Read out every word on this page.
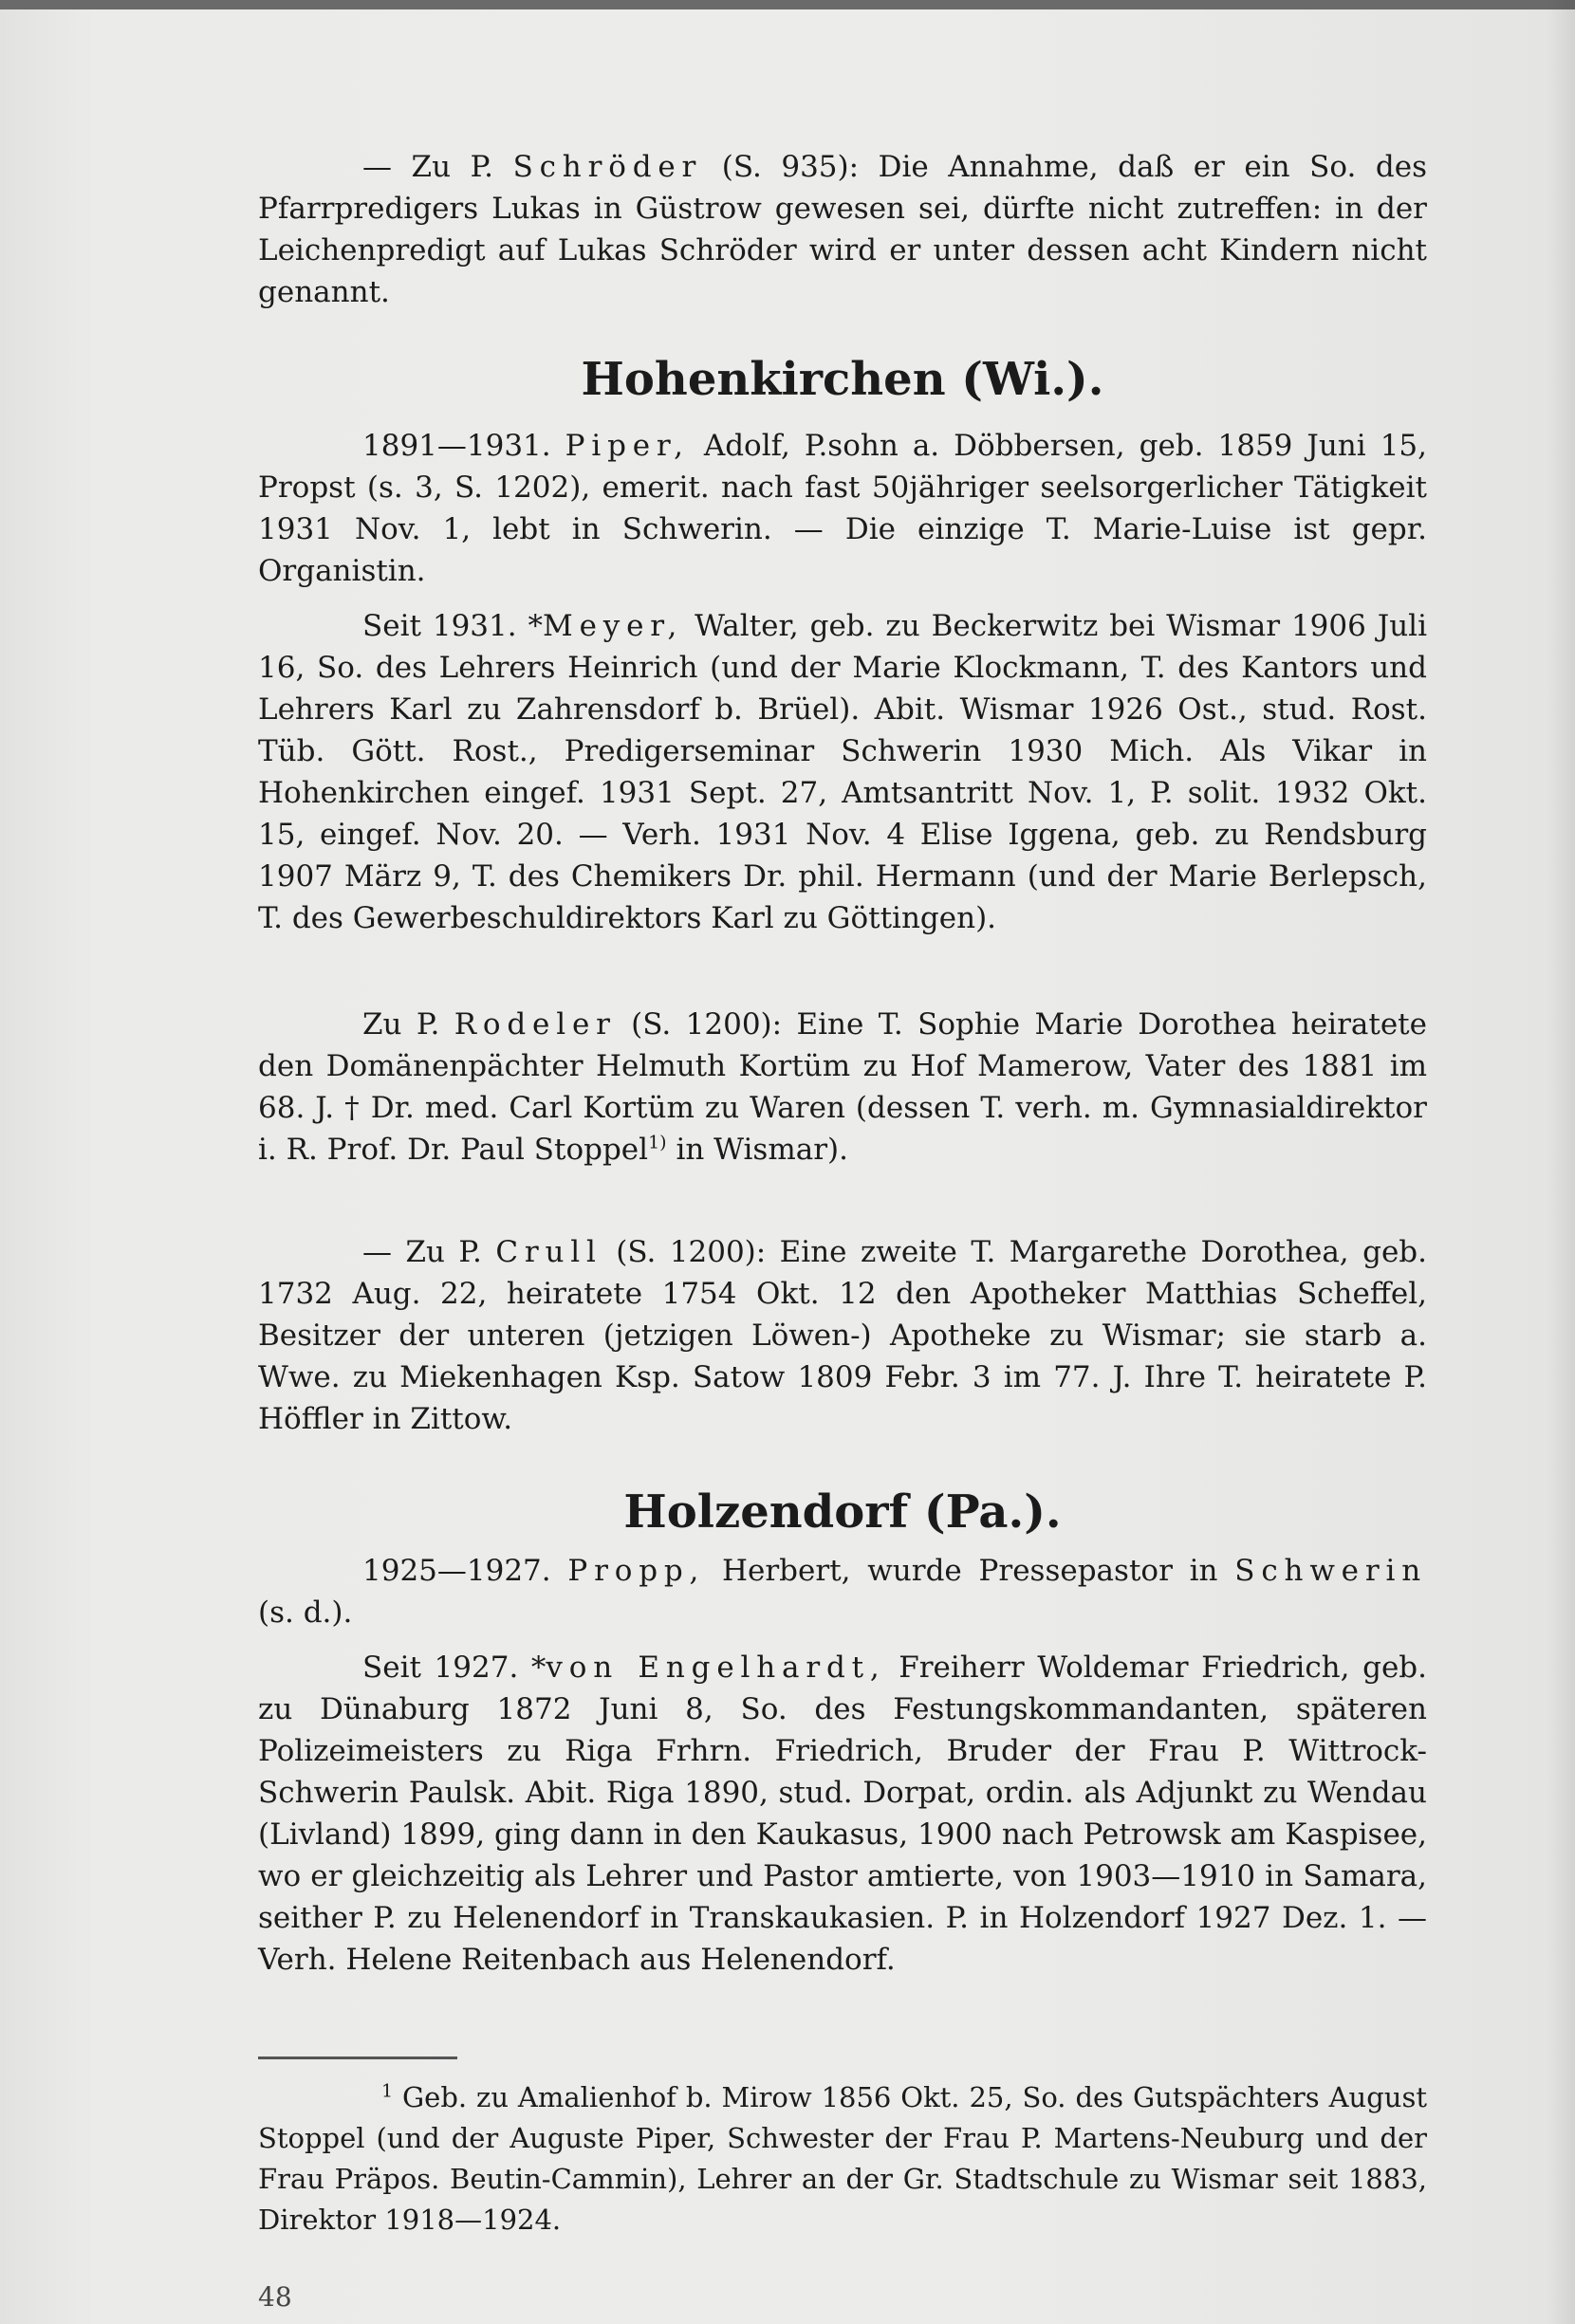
— Zu P. Schröder (S. 935): Die Annahme, daß er ein So. des Pfarrpredigers Lukas in Güstrow gewesen sei, dürfte nicht zutreffen: in der Leichenpredigt auf Lukas Schröder wird er unter dessen acht Kindern nicht genannt.

Hohenkirchen (Wi.).

1891—1931. Piper, Adolf, P.sohn a. Döbbersen, geb. 1859 Juni 15, Propst (s. 3, S. 1202), emerit. nach fast 50jähriger seelsorgerlicher Tätigkeit 1931 Nov. 1, lebt in Schwerin. — Die einzige T. Marie-Luise ist gepr. Organistin.

Seit 1931. *Meyer, Walter, geb. zu Beckerwitz bei Wismar 1906 Juli 16, So. des Lehrers Heinrich (und der Marie Klockmann, T. des Kantors und Lehrers Karl zu Zahrensdorf b. Brüel). Abit. Wismar 1926 Ost., stud. Rost. Tüb. Gött. Rost., Predigerseminar Schwerin 1930 Mich. Als Vikar in Hohenkirchen eingef. 1931 Sept. 27, Amtsantritt Nov. 1, P. solit. 1932 Okt. 15, eingef. Nov. 20. — Verh. 1931 Nov. 4 Elise Iggena, geb. zu Rendsburg 1907 März 9, T. des Chemikers Dr. phil. Hermann (und der Marie Berlepsch, T. des Gewerbeschuldirektors Karl zu Göttingen).

Zu P. Rodeler (S. 1200): Eine T. Sophie Marie Dorothea heiratete den Domänenpächter Helmuth Kortüm zu Hof Mamerow, Vater des 1881 im 68. J. † Dr. med. Carl Kortüm zu Waren (dessen T. verh. m. Gymnasialdirektor i. R. Prof. Dr. Paul Stoppel$^{1)}$ in Wismar).

— Zu P. Crull (S. 1200): Eine zweite T. Margarethe Dorothea, geb. 1732 Aug. 22, heiratete 1754 Okt. 12 den Apotheker Matthias Scheffel, Besitzer der unteren (jetzigen Löwen-) Apotheke zu Wismar; sie starb a. Wwe. zu Miekenhagen Ksp. Satow 1809 Febr. 3 im 77. J. Ihre T. heiratete P. Höffler in Zittow.

Holzendorf (Pa.).

1925—1927. Propp, Herbert, wurde Pressepastor in Schwerin (s. d.).

Seit 1927. *von Engelhardt, Freiherr Woldemar Friedrich, geb. zu Dünaburg 1872 Juni 8, So. des Festungskommandanten, späteren Polizeimeisters zu Riga Frhrn. Friedrich, Bruder der Frau P. Wittrock-Schwerin Paulsk. Abit. Riga 1890, stud. Dorpat, ordin. als Adjunkt zu Wendau (Livland) 1899, ging dann in den Kaukasus, 1900 nach Petrowsk am Kaspisee, wo er gleichzeitig als Lehrer und Pastor amtierte, von 1903—1910 in Samara, seither P. zu Helenendorf in Transkaukasien. P. in Holzendorf 1927 Dez. 1. — Verh. Helene Reitenbach aus Helenendorf.

$^1$ Geb. zu Amalienhof b. Mirow 1856 Okt. 25, So. des Gutspächters August Stoppel (und der Auguste Piper, Schwester der Frau P. Martens-Neuburg und der Frau Präpos. Beutin-Cammin), Lehrer an der Gr. Stadtschule zu Wismar seit 1883, Direktor 1918—1924.

48
